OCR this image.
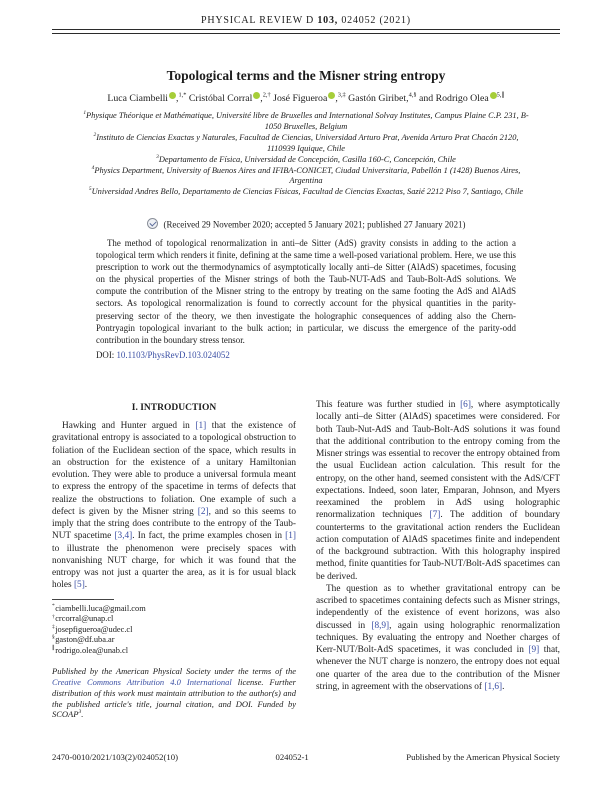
PHYSICAL REVIEW D 103, 024052 (2021)
Topological terms and the Misner string entropy
Luca Ciambelli ,$^{1,*}$ Cristóbal Corral ,$^{2,\dagger}$ José Figueroa ,$^{3,\ddagger}$ Gastón Giribet,$^{4,\S}$ and Rodrigo Olea $^{5,\parallel}$
$^1$Physique Théorique et Mathématique, Université libre de Bruxelles and International Solvay Institutes, Campus Plaine C.P. 231, B-1050 Bruxelles, Belgium
$^2$Instituto de Ciencias Exactas y Naturales, Facultad de Ciencias, Universidad Arturo Prat, Avenida Arturo Prat Chacón 2120, 1110939 Iquique, Chile
$^3$Departamento de Física, Universidad de Concepción, Casilla 160-C, Concepción, Chile
$^4$Physics Department, University of Buenos Aires and IFIBA-CONICET, Ciudad Universitaria, Pabellón 1 (1428) Buenos Aires, Argentina
$^5$Universidad Andres Bello, Departamento de Ciencias Físicas, Facultad de Ciencias Exactas, Sazié 2212 Piso 7, Santiago, Chile
(Received 29 November 2020; accepted 5 January 2021; published 27 January 2021)
The method of topological renormalization in anti–de Sitter (AdS) gravity consists in adding to the action a topological term which renders it finite, defining at the same time a well-posed variational problem. Here, we use this prescription to work out the thermodynamics of asymptotically locally anti–de Sitter (AlAdS) spacetimes, focusing on the physical properties of the Misner strings of both the Taub-NUT-AdS and Taub-Bolt-AdS solutions. We compute the contribution of the Misner string to the entropy by treating on the same footing the AdS and AlAdS sectors. As topological renormalization is found to correctly account for the physical quantities in the parity-preserving sector of the theory, we then investigate the holographic consequences of adding also the Chern-Pontryagin topological invariant to the bulk action; in particular, we discuss the emergence of the parity-odd contribution in the boundary stress tensor.
DOI: 10.1103/PhysRevD.103.024052
I. INTRODUCTION
Hawking and Hunter argued in [1] that the existence of gravitational entropy is associated to a topological obstruction to foliation of the Euclidean section of the space, which results in an obstruction for the existence of a unitary Hamiltonian evolution. They were able to produce a universal formula meant to express the entropy of the spacetime in terms of defects that realize the obstructions to foliation. One example of such a defect is given by the Misner string [2], and so this seems to imply that the string does contribute to the entropy of the Taub-NUT spacetime [3,4]. In fact, the prime examples chosen in [1] to illustrate the phenomenon were precisely spaces with nonvanishing NUT charge, for which it was found that the entropy was not just a quarter the area, as it is for usual black holes [5].
This feature was further studied in [6], where asymptotically locally anti–de Sitter (AlAdS) spacetimes were considered. For both Taub-Nut-AdS and Taub-Bolt-AdS solutions it was found that the additional contribution to the entropy coming from the Misner strings was essential to recover the entropy obtained from the usual Euclidean action calculation. This result for the entropy, on the other hand, seemed consistent with the AdS/CFT expectations. Indeed, soon later, Emparan, Johnson, and Myers reexamined the problem in AdS using holographic renormalization techniques [7]. The addition of boundary counterterms to the gravitational action renders the Euclidean action computation of AlAdS spacetimes finite and independent of the background subtraction. With this holography inspired method, finite quantities for Taub-NUT/Bolt-AdS spacetimes can be derived.
The question as to whether gravitational entropy can be ascribed to spacetimes containing defects such as Misner strings, independently of the existence of event horizons, was also discussed in [8,9], again using holographic renormalization techniques. By evaluating the entropy and Noether charges of Kerr-NUT/Bolt-AdS spacetimes, it was concluded in [9] that, whenever the NUT charge is nonzero, the entropy does not equal one quarter of the area due to the contribution of the Misner string, in agreement with the observations of [1,6].
*ciambelli.luca@gmail.com
†crcorral@unap.cl
‡josepfigueroa@udec.cl
§gaston@df.uba.ar
∥rodrigo.olea@unab.cl
Published by the American Physical Society under the terms of the Creative Commons Attribution 4.0 International license. Further distribution of this work must maintain attribution to the author(s) and the published article's title, journal citation, and DOI. Funded by SCOAP$^3$.
2470-0010/2021/103(2)/024052(10)	024052-1	Published by the American Physical Society
